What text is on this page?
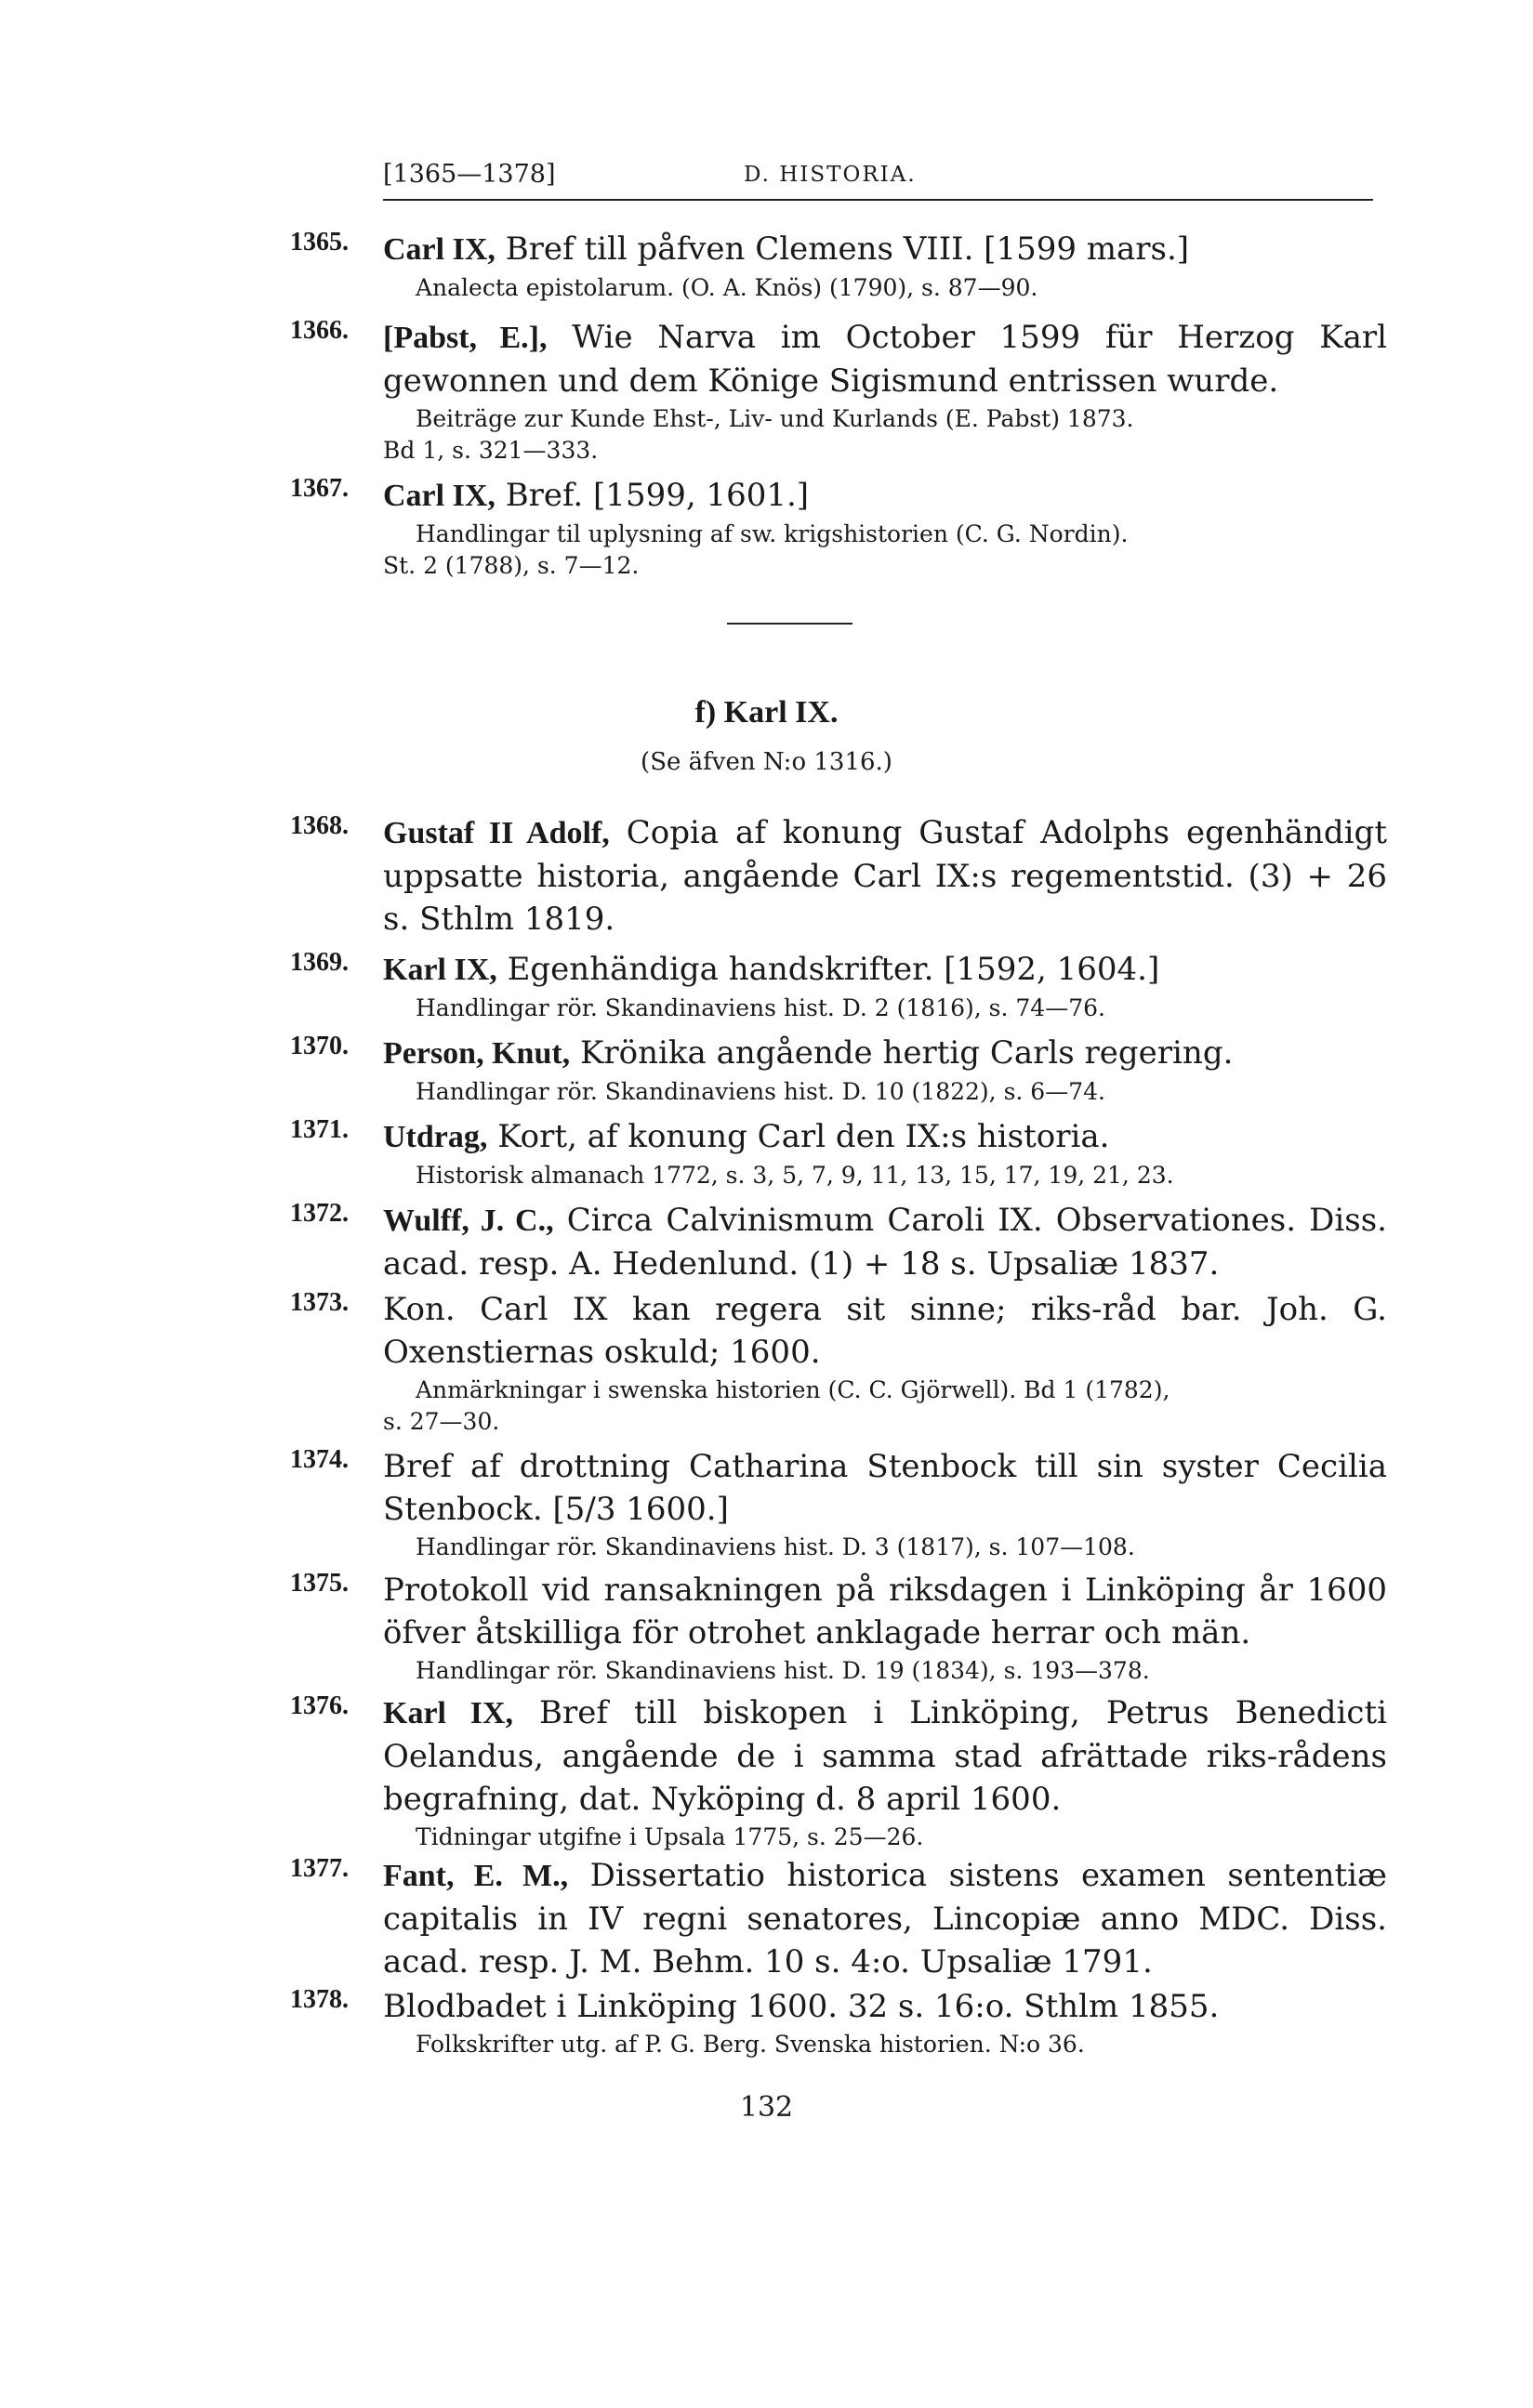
[1365—1378]	D. HISTORIA.
1365. Carl IX, Bref till påfven Clemens VIII. [1599 mars.]
Analecta epistolarum. (O. A. Knös) (1790), s. 87—90.
1366. [Pabst, E.], Wie Narva im October 1599 für Herzog Karl gewonnen und dem Könige Sigismund entrissen wurde.
Beiträge zur Kunde Ehst-, Liv- und Kurlands (E. Pabst) 1873.
Bd 1, s. 321—333.
1367. Carl IX, Bref. [1599, 1601.]
Handlingar til uplysning af sw. krigshistorien (C. G. Nordin).
St. 2 (1788), s. 7—12.
f) Karl IX.
(Se äfven N:o 1316.)
1368. Gustaf II Adolf, Copia af konung Gustaf Adolphs egenhändigt uppsatte historia, angående Carl IX:s regementstid. (3) + 26 s. Sthlm 1819.
1369. Karl IX, Egenhändiga handskrifter. [1592, 1604.]
Handlingar rör. Skandinaviens hist. D. 2 (1816), s. 74—76.
1370. Person, Knut, Krönika angående hertig Carls regering.
Handlingar rör. Skandinaviens hist. D. 10 (1822), s. 6—74.
1371. Utdrag, Kort, af konung Carl den IX:s historia.
Historisk almanach 1772, s. 3, 5, 7, 9, 11, 13, 15, 17, 19, 21, 23.
1372. Wulff, J. C., Circa Calvinismum Caroli IX. Observationes. Diss. acad. resp. A. Hedenlund. (1) + 18 s. Upsaliæ 1837.
1373. Kon. Carl IX kan regera sit sinne; riks-råd bar. Joh. G. Oxenstiernas oskuld; 1600.
Anmärkningar i swenska historien (C. C. Gjörwell). Bd 1 (1782),
s. 27—30.
1374. Bref af drottning Catharina Stenbock till sin syster Cecilia Stenbock. [5/3 1600.]
Handlingar rör. Skandinaviens hist. D. 3 (1817), s. 107—108.
1375. Protokoll vid ransakningen på riksdagen i Linköping år 1600 öfver åtskilliga för otrohet anklagade herrar och män.
Handlingar rör. Skandinaviens hist. D. 19 (1834), s. 193—378.
1376. Karl IX, Bref till biskopen i Linköping, Petrus Benedicti Oelandus, angående de i samma stad afrättade riks-rådens begrafning, dat. Nyköping d. 8 april 1600.
Tidningar utgifne i Upsala 1775, s. 25—26.
1377. Fant, E. M., Dissertatio historica sistens examen sententiæ capitalis in IV regni senatores, Lincopiæ anno MDC. Diss. acad. resp. J. M. Behm. 10 s. 4:o. Upsaliæ 1791.
1378. Blodbadet i Linköping 1600. 32 s. 16:o. Sthlm 1855.
Folkskrifter utg. af P. G. Berg. Svenska historien. N:o 36.
132
